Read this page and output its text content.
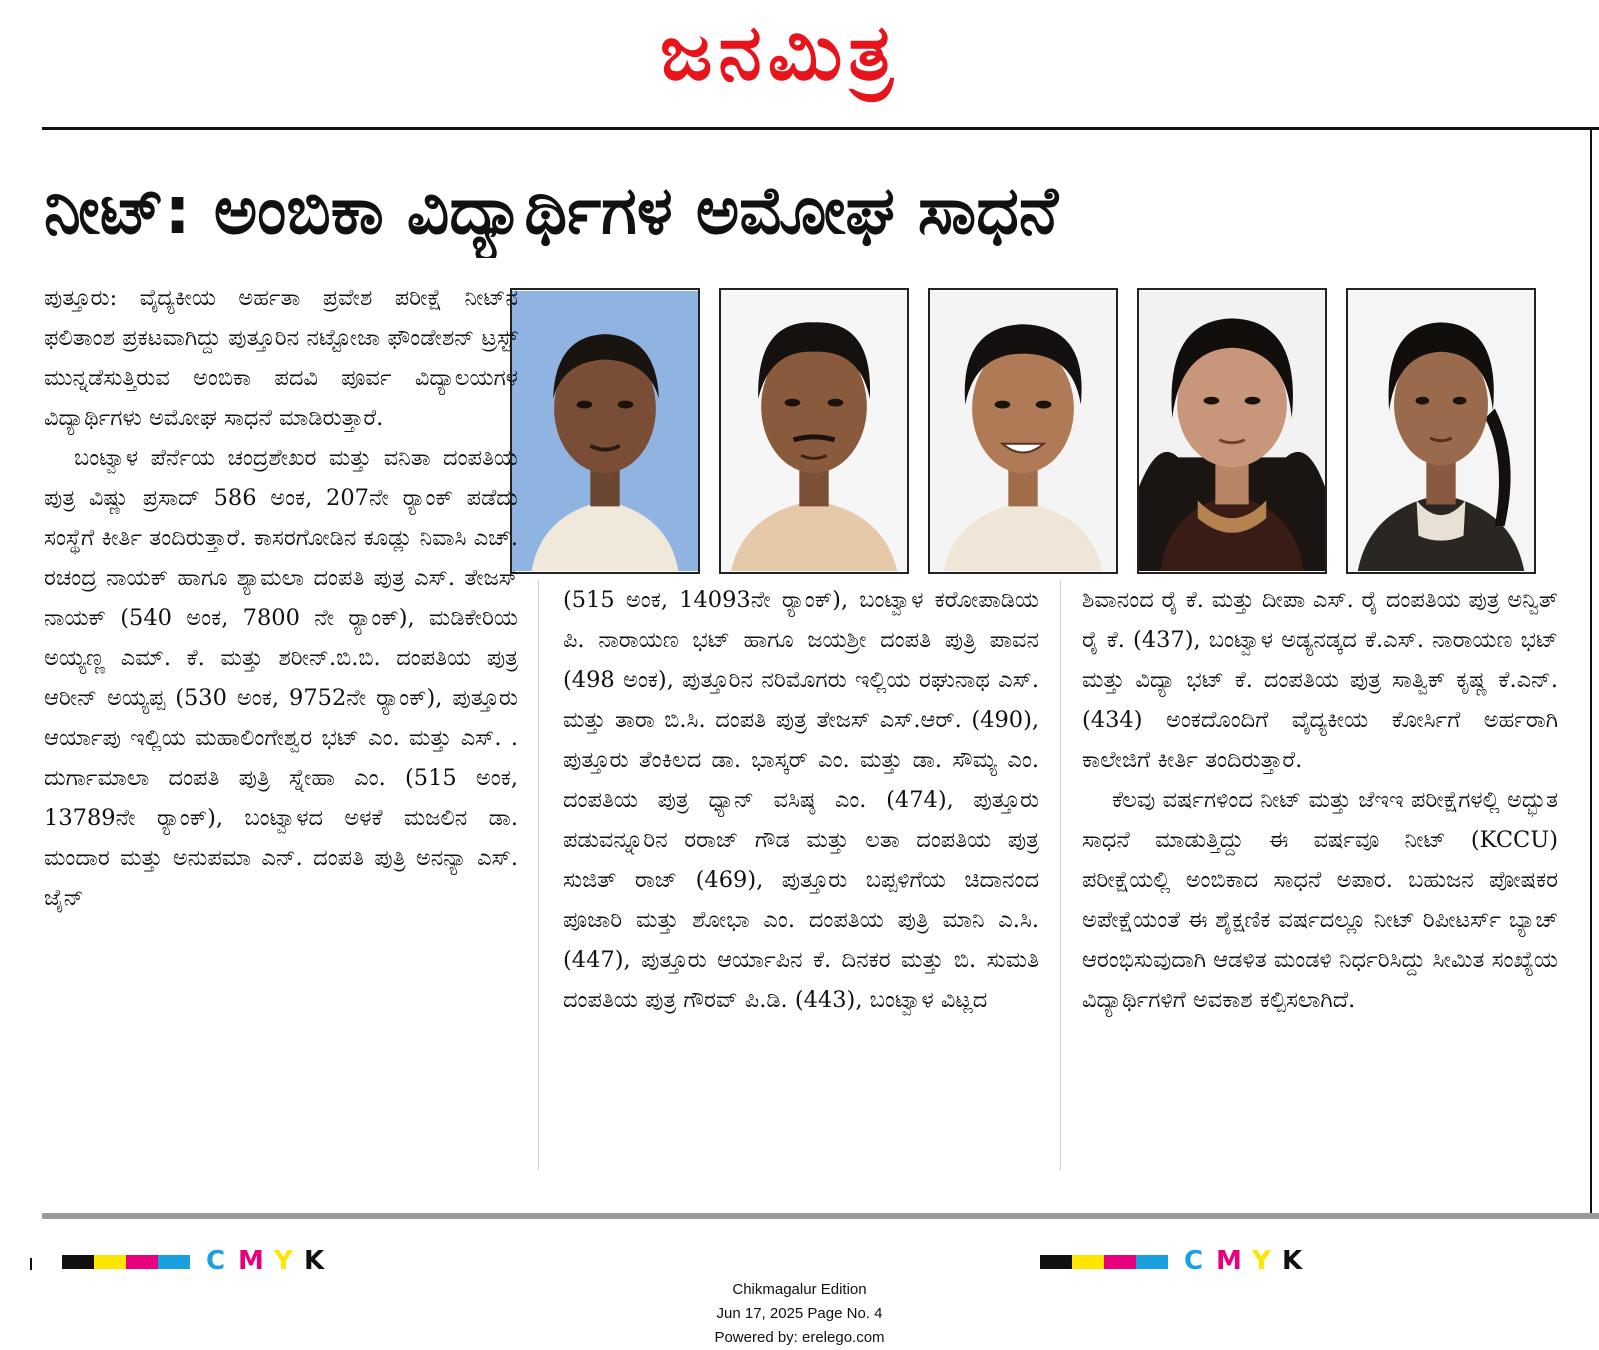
ಜನಮಿತ್ರ
ನೀಟ್: ಅಂಬಿಕಾ ವಿದ್ಯಾರ್ಥಿಗಳ ಅಮೋಘ ಸಾಧನೆ

ಪುತ್ತೂರು: ವೈದ್ಯಕೀಯ ಅರ್ಹತಾ ಪ್ರವೇಶ ಪರೀಕ್ಷೆ ನೀಟ್‌ನ ಫಲಿತಾಂಶ ಪ್ರಕಟವಾಗಿದ್ದು ಪುತ್ತೂರಿನ ನಟ್ಟೋಜಾ ಫೌಂಡೇಶನ್ ಟ್ರಸ್ಟ್ ಮುನ್ನಡೆಸುತ್ತಿರುವ ಅಂಬಿಕಾ ಪದವಿ ಪೂರ್ವ ವಿದ್ಯಾಲಯಗಳ ವಿದ್ಯಾರ್ಥಿಗಳು ಅಮೋಘ ಸಾಧನೆ ಮಾಡಿರುತ್ತಾರೆ.

ಬಂಟ್ವಾಳ ಪೆರ್ನೆಯ ಚಂದ್ರಶೇಖರ ಮತ್ತು ವನಿತಾ ದಂಪತಿಯ ಪುತ್ರ ವಿಷ್ಣು ಪ್ರಸಾದ್ 586 ಅಂಕ, 207ನೇ ರ್‍ಯಾಂಕ್ ಪಡೆದು ಸಂಸ್ಥೆಗೆ ಕೀರ್ತಿ ತಂದಿರುತ್ತಾರೆ. ಕಾಸರಗೋಡಿನ ಕೂಡ್ಲು ನಿವಾಸಿ ಎಚ್. ರಚಂದ್ರ ನಾಯಕ್ ಹಾಗೂ ಶ್ಯಾಮಲಾ ದಂಪತಿ ಪುತ್ರ ಎಸ್. ತೇಜಸ್ ನಾಯಕ್ (540 ಅಂಕ, 7800 ನೇ ರ್‍ಯಾಂಕ್), ಮಡಿಕೇರಿಯ ಅಯ್ಯಣ್ಣ ಎಮ್. ಕೆ. ಮತ್ತು ಶರೀನ್.ಬಿ.ಬಿ. ದಂಪತಿಯ ಪುತ್ರ ಆರೀನ್ ಅಯ್ಯಪ್ಪ (530 ಅಂಕ, 9752ನೇ ರ್‍ಯಾಂಕ್), ಪುತ್ತೂರು ಆರ್ಯಾಪು ಇಲ್ಲಿಯ ಮಹಾಲಿಂಗೇಶ್ವರ ಭಟ್ ಎಂ. ಮತ್ತು ಎಸ್. . ದುರ್ಗಾಮಾಲಾ ದಂಪತಿ ಪುತ್ರಿ ಸ್ನೇಹಾ ಎಂ. (515 ಅಂಕ, 13789ನೇ ರ್‍ಯಾಂಕ್), ಬಂಟ್ವಾಳದ ಅಳಕೆ ಮಜಲಿನ ಡಾ. ಮಂದಾರ ಮತ್ತು ಅನುಪಮಾ ಎನ್. ದಂಪತಿ ಪುತ್ರಿ ಅನನ್ಯಾ ಎಸ್. ಜೈನ್

(515 ಅಂಕ, 14093ನೇ ರ್‍ಯಾಂಕ್), ಬಂಟ್ವಾಳ ಕರೋಪಾಡಿಯ ಪಿ. ನಾರಾಯಣ ಭಟ್ ಹಾಗೂ ಜಯಶ್ರೀ ದಂಪತಿ ಪುತ್ರಿ ಪಾವನ (498 ಅಂಕ), ಪುತ್ತೂರಿನ ನರಿಮೊಗರು ಇಲ್ಲಿಯ ರಘುನಾಥ ಎಸ್. ಮತ್ತು ತಾರಾ ಬಿ.ಸಿ. ದಂಪತಿ ಪುತ್ರ ತೇಜಸ್ ಎಸ್.ಆರ್. (490), ಪುತ್ತೂರು ತೆಂಕಿಲದ ಡಾ. ಭಾಸ್ಕರ್ ಎಂ. ಮತ್ತು ಡಾ. ಸೌಮ್ಯ ಎಂ. ದಂಪತಿಯ ಪುತ್ರ ಧ್ಯಾನ್ ವಸಿಷ್ಠ ಎಂ. (474), ಪುತ್ತೂರು ಪಡುವನ್ನೂರಿನ ರರಾಜ್ ಗೌಡ ಮತ್ತು ಲತಾ ದಂಪತಿಯ ಪುತ್ರ ಸುಜಿತ್ ರಾಜ್ (469), ಪುತ್ತೂರು ಬಪ್ಪಳಿಗೆಯ ಚಿದಾನಂದ ಪೂಜಾರಿ ಮತ್ತು ಶೋಭಾ ಎಂ. ದಂಪತಿಯ ಪುತ್ರಿ ಮಾನಿ ಎ.ಸಿ. (447), ಪುತ್ತೂರು ಆರ್ಯಾಪಿನ ಕೆ. ದಿನಕರ ಮತ್ತು ಬಿ. ಸುಮತಿ ದಂಪತಿಯ ಪುತ್ರ ಗೌರವ್ ಪಿ.ಡಿ. (443), ಬಂಟ್ವಾಳ ವಿಟ್ಲದ

ಶಿವಾನಂದ ರೈ ಕೆ. ಮತ್ತು ದೀಪಾ ಎಸ್. ರೈ ದಂಪತಿಯ ಪುತ್ರ ಅನ್ವಿತ್ ರೈ ಕೆ. (437), ಬಂಟ್ವಾಳ ಅಡ್ಯನಡ್ಕದ ಕೆ.ಎಸ್. ನಾರಾಯಣ ಭಟ್ ಮತ್ತು ವಿದ್ಯಾ ಭಟ್ ಕೆ. ದಂಪತಿಯ ಪುತ್ರ ಸಾತ್ವಿಕ್ ಕೃಷ್ಣ ಕೆ.ಎನ್. (434) ಅಂಕದೊಂದಿಗೆ ವೈದ್ಯಕೀಯ ಕೋರ್ಸಿಗೆ ಅರ್ಹರಾಗಿ ಕಾಲೇಜಿಗೆ ಕೀರ್ತಿ ತಂದಿರುತ್ತಾರೆ.

ಕೆಲವು ವರ್ಷಗಳಿಂದ ನೀಟ್ ಮತ್ತು ಜೆಇಇ ಪರೀಕ್ಷೆಗಳಲ್ಲಿ ಅದ್ಭುತ ಸಾಧನೆ ಮಾಡುತ್ತಿದ್ದು ಈ ವರ್ಷವೂ ನೀಟ್ (KCCU) ಪರೀಕ್ಷೆಯಲ್ಲಿ ಅಂಬಿಕಾದ ಸಾಧನೆ ಅಪಾರ. ಬಹುಜನ ಪೋಷಕರ ಅಪೇಕ್ಷೆಯಂತೆ ಈ ಶೈಕ್ಷಣಿಕ ವರ್ಷದಲ್ಲೂ ನೀಟ್ ರಿಪೀಟರ್ಸ್ ಬ್ಯಾಚ್ ಆರಂಭಿಸುವುದಾಗಿ ಆಡಳಿತ ಮಂಡಳಿ ನಿರ್ಧರಿಸಿದ್ದು ಸೀಮಿತ ಸಂಖ್ಯೆಯ ವಿದ್ಯಾರ್ಥಿಗಳಿಗೆ ಅವಕಾಶ ಕಲ್ಪಿಸಲಾಗಿದೆ.

C M Y K	C M Y K
Chikmagalur Edition
Jun 17, 2025 Page No. 4
Powered by: erelego.com
